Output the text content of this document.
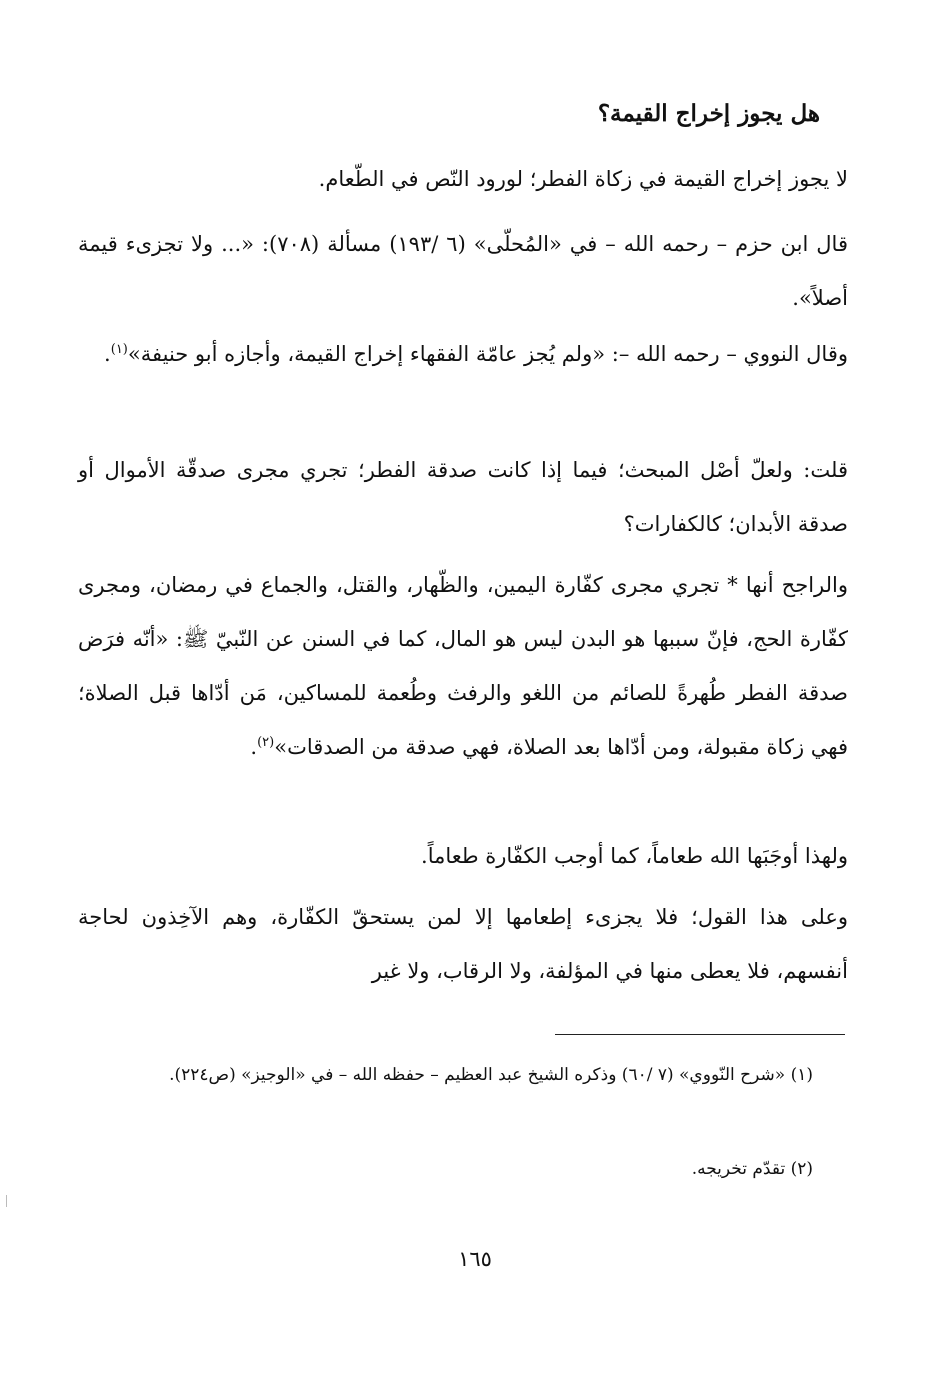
هل يجوز إخراج القيمة؟
لا يجوز إخراج القيمة في زكاة الفطر؛ لورود النّص في الطّعام.
قال ابن حزم – رحمه الله – في «المُحلّى» (٦ /١٩٣) مسألة (٧٠٨): «... ولا تجزىء قيمة أصلاً».
وقال النووي – رحمه الله –: «ولم يُجز عامّة الفقهاء إخراج القيمة، وأجازه أبو حنيفة»$^{(١)}$.
قلت: ولعلّ أصْل المبحث؛ فيما إذا كانت صدقة الفطر؛ تجري مجرى صدقّة الأموال أو صدقة الأبدان؛ كالكفارات؟
والراجح أنها * تجري مجرى كفّارة اليمين، والظّهار، والقتل، والجماع في رمضان، ومجرى كفّارة الحج، فإنّ سببها هو البدن ليس هو المال، كما في السنن عن النّبيّ ﷺ: «أنّه فرَض صدقة الفطر طُهرةً للصائم من اللغو والرفث وطُعمة للمساكين، مَن أدّاها قبل الصلاة؛ فهي زكاة مقبولة، ومن أدّاها بعد الصلاة، فهي صدقة من الصدقات»$^{(٢)}$.
ولهذا أوجَبَها الله طعاماً، كما أوجب الكفّارة طعاماً.
وعلى هذا القول؛ فلا يجزىء إطعامها إلا لمن يستحقّ الكفّارة، وهم الآخِذون لحاجة أنفسهم، فلا يعطى منها في المؤلفة، ولا الرقاب، ولا غير
(١) «شرح النّووي» (٧ /٦٠) وذكره الشيخ عبد العظيم – حفظه الله – في «الوجيز» (ص٢٢٤).
(٢) تقدّم تخريجه.
١٦٥
